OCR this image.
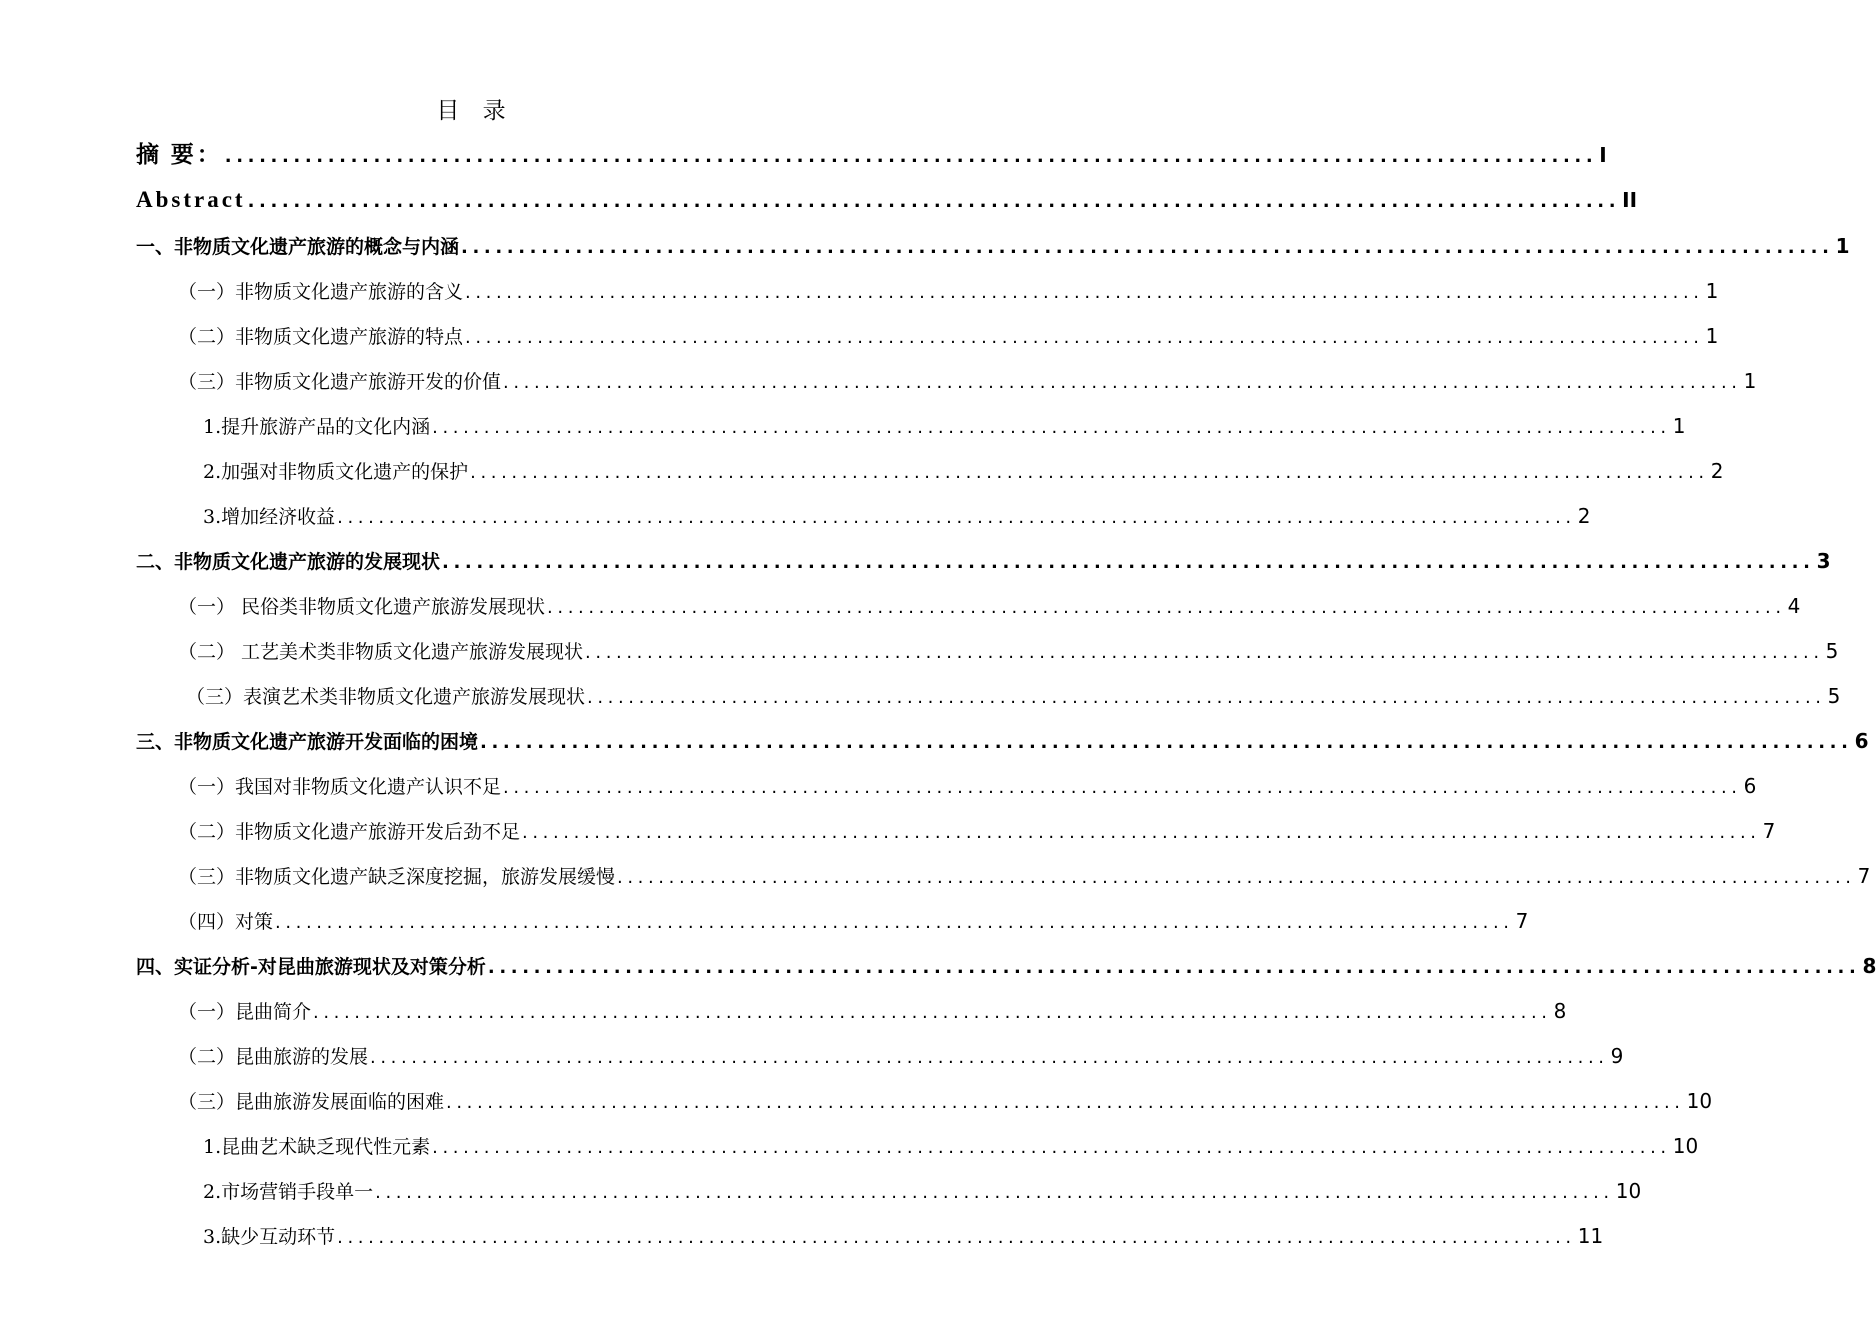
目 录
摘 要： ........................................................................................................................ I
Abstract ........................................................................................................................ II
一、非物质文化遗产旅游的概念与内涵 ........................................................................................................................ 1
（一）非物质文化遗产旅游的含义 ........................................................................................................................ 1
（二）非物质文化遗产旅游的特点 ........................................................................................................................ 1
（三）非物质文化遗产旅游开发的价值 ........................................................................................................................ 1
1.提升旅游产品的文化内涵 ........................................................................................................................ 1
2.加强对非物质文化遗产的保护 ........................................................................................................................ 2
3.增加经济收益 ........................................................................................................................ 2
二、非物质文化遗产旅游的发展现状 ........................................................................................................................ 3
（一） 民俗类非物质文化遗产旅游发展现状 ........................................................................................................................ 4
（二） 工艺美术类非物质文化遗产旅游发展现状 ........................................................................................................................ 5
（三）表演艺术类非物质文化遗产旅游发展现状 ........................................................................................................................ 5
三、非物质文化遗产旅游开发面临的困境 ........................................................................................................................ 6
（一）我国对非物质文化遗产认识不足 ........................................................................................................................ 6
（二）非物质文化遗产旅游开发后劲不足 ........................................................................................................................ 7
（三）非物质文化遗产缺乏深度挖掘，旅游发展缓慢 ........................................................................................................................ 7
（四）对策 ........................................................................................................................ 7
四、实证分析-对昆曲旅游现状及对策分析 ........................................................................................................................ 8
（一）昆曲简介 ........................................................................................................................ 8
（二）昆曲旅游的发展 ........................................................................................................................ 9
（三）昆曲旅游发展面临的困难 ........................................................................................................................ 10
1.昆曲艺术缺乏现代性元素 ........................................................................................................................ 10
2.市场营销手段单一 ........................................................................................................................ 10
3.缺少互动环节 ........................................................................................................................ 11
